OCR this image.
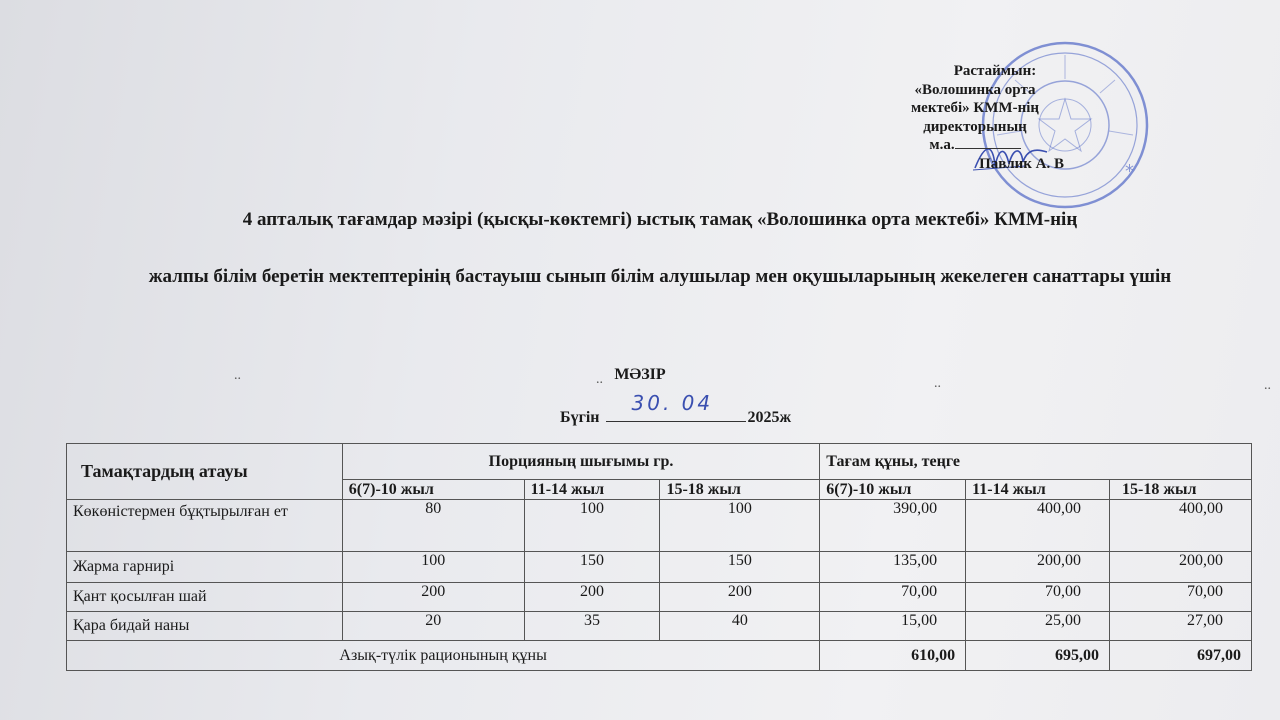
*
Растаймын:
«Волошинка орта
мектебі» КММ-нің
директорының
м.а.
Павлик А. В
4 апталық тағамдар мәзірі (қысқы-көктемгі) ыстық тамақ «Волошинка орта мектебі» КММ-нің
жалпы білім беретін мектептерінің бастауыш сынып білім алушылар мен оқушыларының жекелеген санаттары үшін
..	..	..	..
МӘЗІР
Бүгін
30. 04
2025ж
Тамақтардың атауы	Порцияның шығымы гр.			Тағам құны, теңге		
	6(7)-10 жыл	11-14 жыл	15-18 жыл	6(7)-10 жыл	11-14 жыл	15-18 жыл
Көкөністермен бұқтырылған ет	80	100	100	390,00	400,00	400,00
Жарма гарнирі	100	150	150	135,00	200,00	200,00
Қант қосылған шай	200	200	200	70,00	70,00	70,00
Қара бидай наны	20	35	40	15,00	25,00	27,00
Азық-түлік рационының құны				610,00	695,00	697,00
